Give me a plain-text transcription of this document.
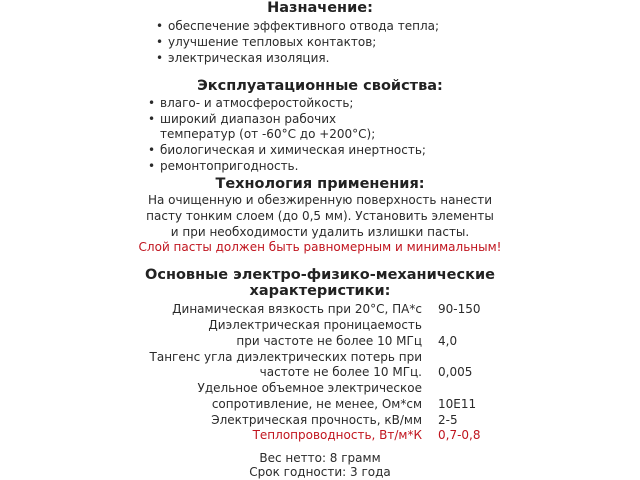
Назначение:
• обеспечение эффективного отвода тепла;
• улучшение тепловых контактов;
• электрическая изоляция.
Эксплуатационные свойства:
• влаго- и атмосферостойкость;
• широкий диапазон рабочих
температур (от -60°С до +200°С);
• биологическая и химическая инертность;
• ремонтопригодность.
Технология применения:
На очищенную и обезжиренную поверхность нанести
пасту тонким слоем (до 0,5 мм). Установить элементы
и при необходимости удалить излишки пасты.
Слой пасты должен быть равномерным и минимальным!
Основные электро-физико-механические
характеристики:
Динамическая вязкость при 20°С, ПА*с 90-150
Диэлектрическая проницаемость
при частоте не более 10 МГц 4,0
Тангенс угла диэлектрических потерь при
частоте не более 10 МГц. 0,005
Удельное объемное электрическое
сопротивление, не менее, Ом*см 10Е11
Электрическая прочность, кВ/мм 2-5
Теплопроводность, Вт/м*К 0,7-0,8
Вес нетто: 8 грамм
Срок годности: 3 года
